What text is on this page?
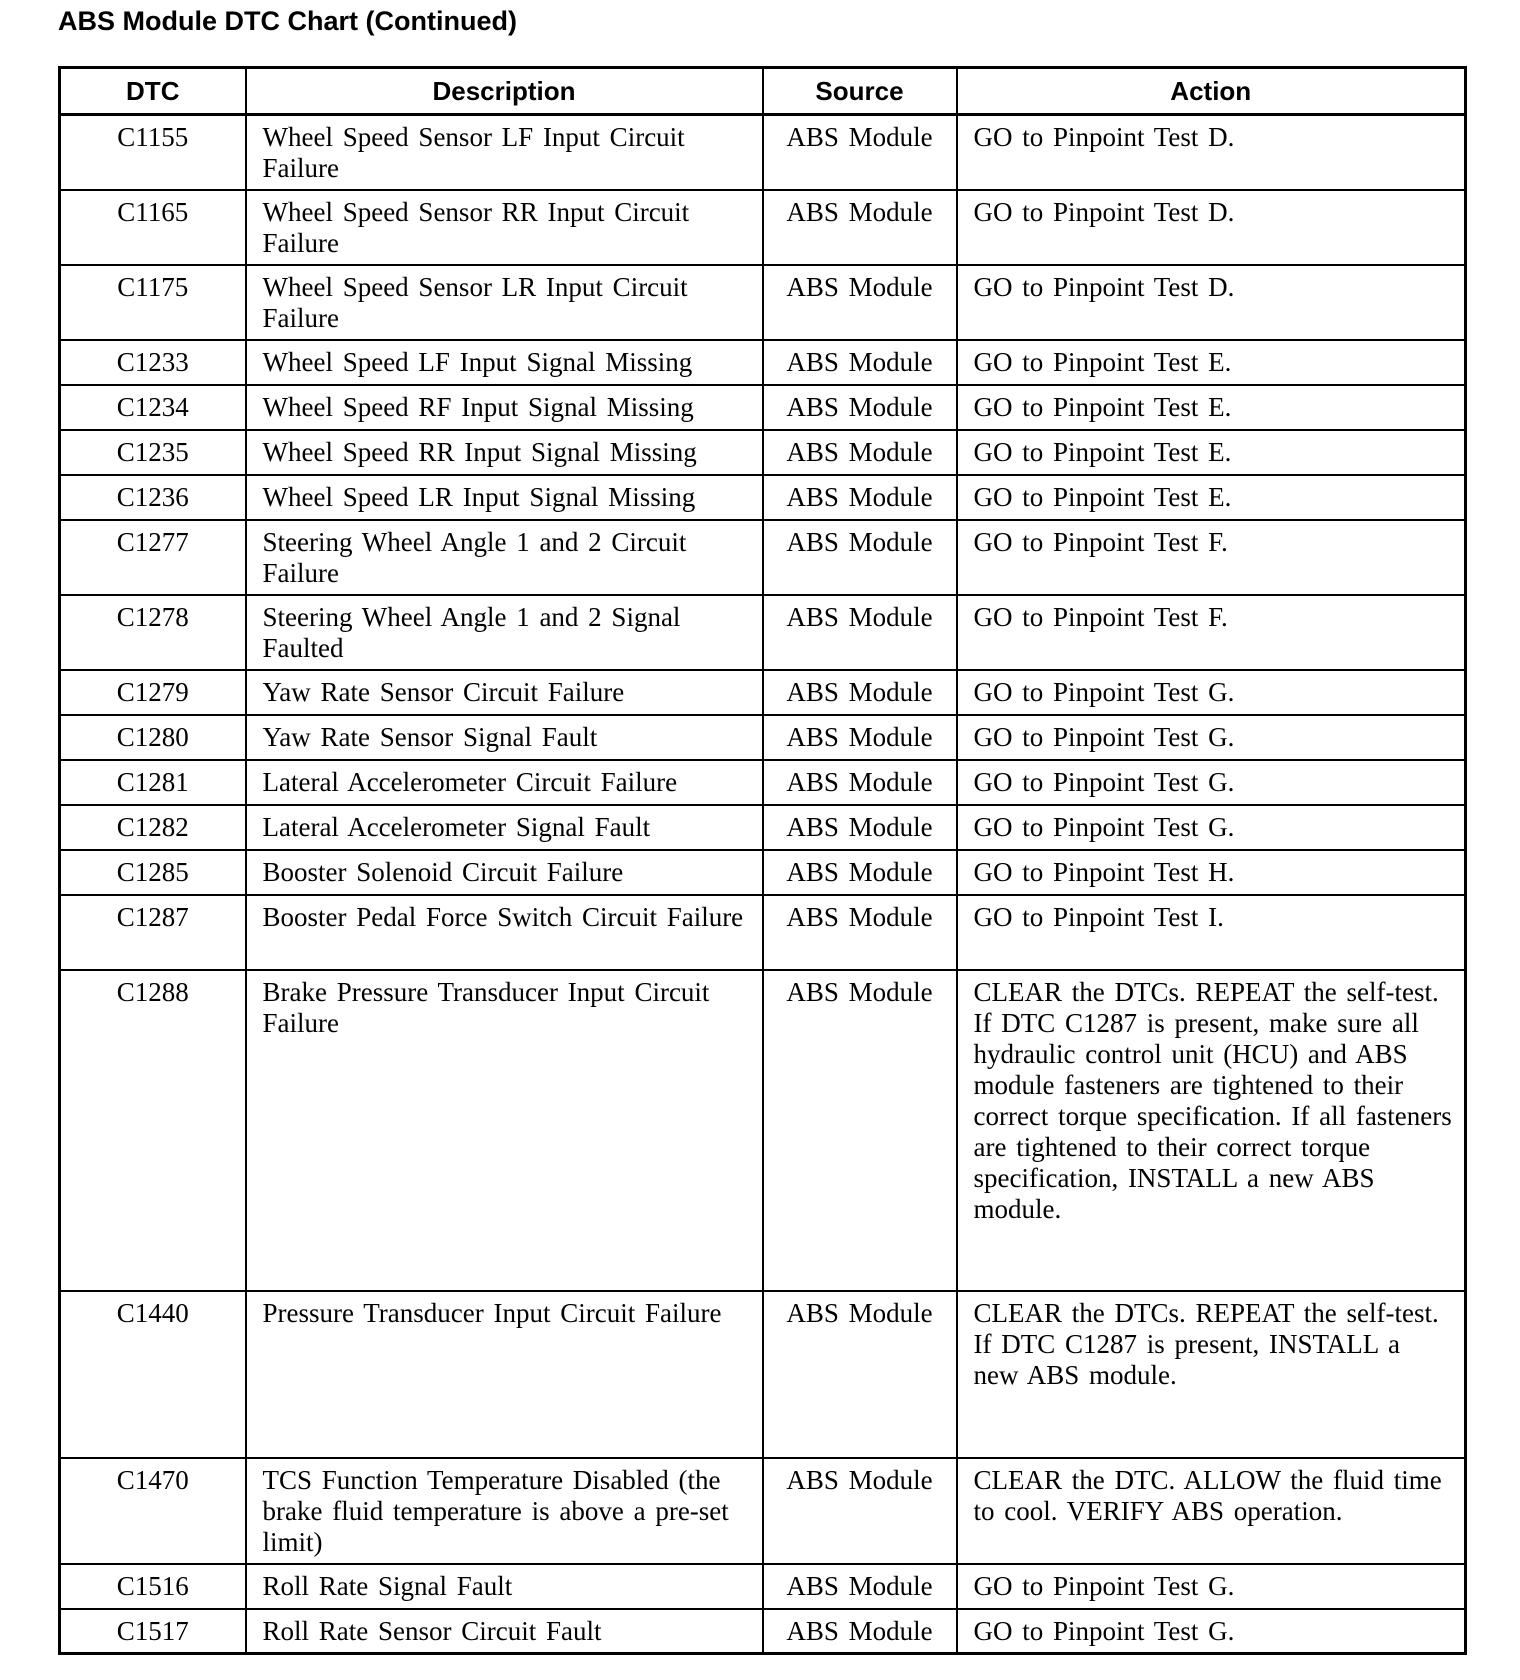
ABS Module DTC Chart (Continued)
DTC	Description	Source	Action
C1155	Wheel Speed Sensor LF Input Circuit Failure	ABS Module	GO to Pinpoint Test D.
C1165	Wheel Speed Sensor RR Input Circuit Failure	ABS Module	GO to Pinpoint Test D.
C1175	Wheel Speed Sensor LR Input Circuit Failure	ABS Module	GO to Pinpoint Test D.
C1233	Wheel Speed LF Input Signal Missing	ABS Module	GO to Pinpoint Test E.
C1234	Wheel Speed RF Input Signal Missing	ABS Module	GO to Pinpoint Test E.
C1235	Wheel Speed RR Input Signal Missing	ABS Module	GO to Pinpoint Test E.
C1236	Wheel Speed LR Input Signal Missing	ABS Module	GO to Pinpoint Test E.
C1277	Steering Wheel Angle 1 and 2 Circuit Failure	ABS Module	GO to Pinpoint Test F.
C1278	Steering Wheel Angle 1 and 2 Signal Faulted	ABS Module	GO to Pinpoint Test F.
C1279	Yaw Rate Sensor Circuit Failure	ABS Module	GO to Pinpoint Test G.
C1280	Yaw Rate Sensor Signal Fault	ABS Module	GO to Pinpoint Test G.
C1281	Lateral Accelerometer Circuit Failure	ABS Module	GO to Pinpoint Test G.
C1282	Lateral Accelerometer Signal Fault	ABS Module	GO to Pinpoint Test G.
C1285	Booster Solenoid Circuit Failure	ABS Module	GO to Pinpoint Test H.
C1287	Booster Pedal Force Switch Circuit Failure	ABS Module	GO to Pinpoint Test I.
C1288	Brake Pressure Transducer Input Circuit Failure	ABS Module	CLEAR the DTCs. REPEAT the self-test. If DTC C1287 is present, make sure all hydraulic control unit (HCU) and ABS module fasteners are tightened to their correct torque specification. If all fasteners are tightened to their correct torque specification, INSTALL a new ABS module.
C1440	Pressure Transducer Input Circuit Failure	ABS Module	CLEAR the DTCs. REPEAT the self-test. If DTC C1287 is present, INSTALL a new ABS module.
C1470	TCS Function Temperature Disabled (the brake fluid temperature is above a pre-set limit)	ABS Module	CLEAR the DTC. ALLOW the fluid time to cool. VERIFY ABS operation.
C1516	Roll Rate Signal Fault	ABS Module	GO to Pinpoint Test G.
C1517	Roll Rate Sensor Circuit Fault	ABS Module	GO to Pinpoint Test G.
